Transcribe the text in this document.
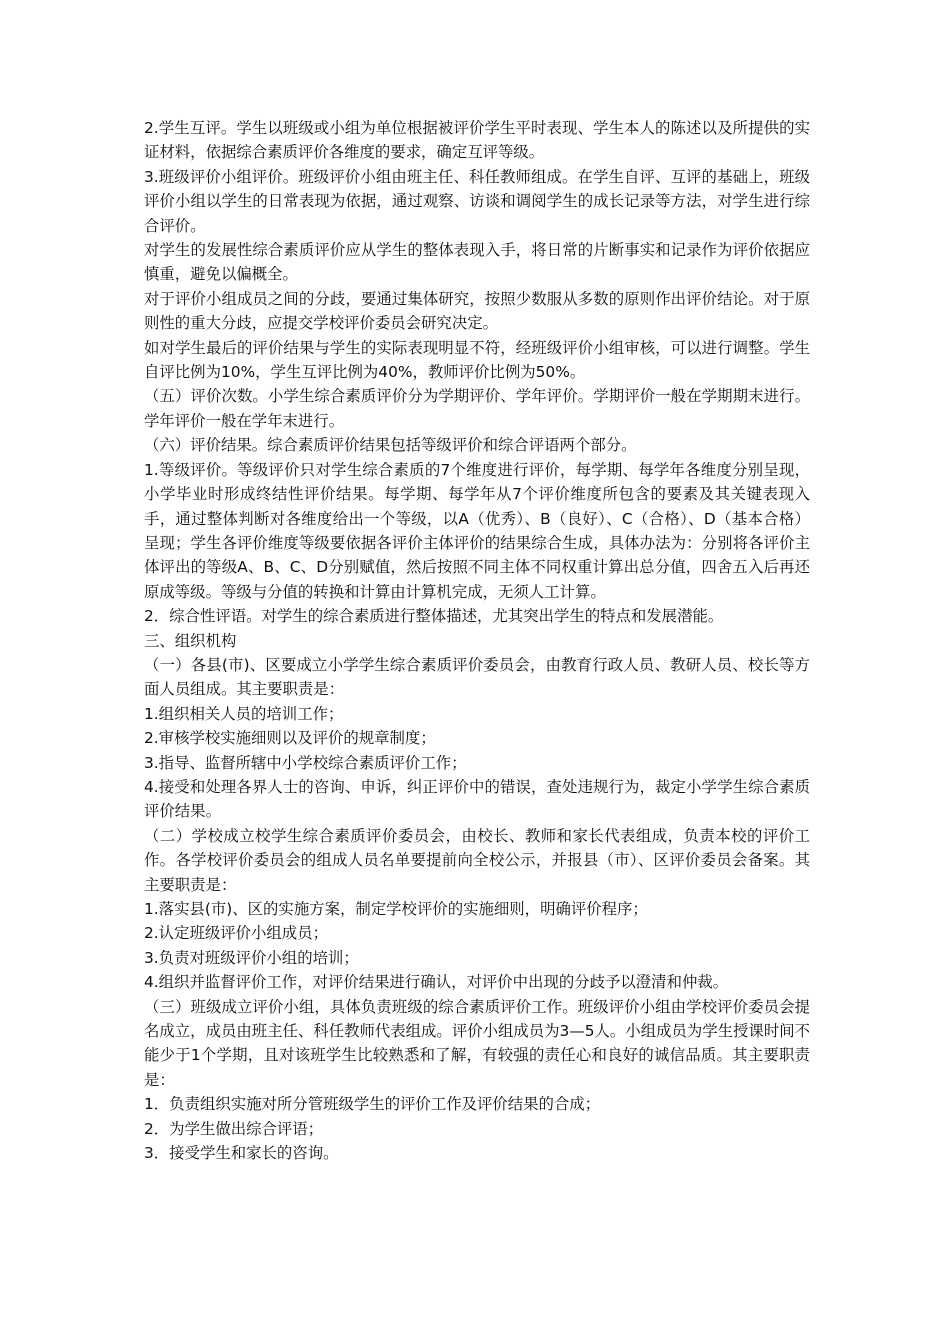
2.学生互评。学生以班级或小组为单位根据被评价学生平时表现、学生本人的陈述以及所提供的实证材料，依据综合素质评价各维度的要求，确定互评等级。

3.班级评价小组评价。班级评价小组由班主任、科任教师组成。在学生自评、互评的基础上，班级评价小组以学生的日常表现为依据，通过观察、访谈和调阅学生的成长记录等方法，对学生进行综合评价。

对学生的发展性综合素质评价应从学生的整体表现入手，将日常的片断事实和记录作为评价依据应慎重，避免以偏概全。

对于评价小组成员之间的分歧，要通过集体研究，按照少数服从多数的原则作出评价结论。对于原则性的重大分歧，应提交学校评价委员会研究决定。

如对学生最后的评价结果与学生的实际表现明显不符，经班级评价小组审核，可以进行调整。学生自评比例为10%，学生互评比例为40%，教师评价比例为50%。

（五）评价次数。小学生综合素质评价分为学期评价、学年评价。学期评价一般在学期期末进行。学年评价一般在学年末进行。

（六）评价结果。综合素质评价结果包括等级评价和综合评语两个部分。

1.等级评价。等级评价只对学生综合素质的7个维度进行评价，每学期、每学年各维度分别呈现，小学毕业时形成终结性评价结果。每学期、每学年从7个评价维度所包含的要素及其关键表现入手，通过整体判断对各维度给出一个等级，以A（优秀）、B（良好）、C（合格）、D（基本合格）呈现；学生各评价维度等级要依据各评价主体评价的结果综合生成，具体办法为：分别将各评价主体评出的等级A、B、C、D分别赋值，然后按照不同主体不同权重计算出总分值，四舍五入后再还原成等级。等级与分值的转换和计算由计算机完成，无须人工计算。

2．综合性评语。对学生的综合素质进行整体描述，尤其突出学生的特点和发展潜能。

三、组织机构

（一）各县(市)、区要成立小学学生综合素质评价委员会，由教育行政人员、教研人员、校长等方面人员组成。其主要职责是：

1.组织相关人员的培训工作；

2.审核学校实施细则以及评价的规章制度；

3.指导、监督所辖中小学校综合素质评价工作；

4.接受和处理各界人士的咨询、申诉，纠正评价中的错误，查处违规行为，裁定小学学生综合素质评价结果。

（二）学校成立校学生综合素质评价委员会，由校长、教师和家长代表组成，负责本校的评价工作。各学校评价委员会的组成人员名单要提前向全校公示，并报县（市）、区评价委员会备案。其主要职责是：

1.落实县(市)、区的实施方案，制定学校评价的实施细则，明确评价程序；

2.认定班级评价小组成员；

3.负责对班级评价小组的培训；

4.组织并监督评价工作，对评价结果进行确认，对评价中出现的分歧予以澄清和仲裁。

（三）班级成立评价小组，具体负责班级的综合素质评价工作。班级评价小组由学校评价委员会提名成立，成员由班主任、科任教师代表组成。评价小组成员为3—5人。小组成员为学生授课时间不能少于1个学期，且对该班学生比较熟悉和了解，有较强的责任心和良好的诚信品质。其主要职责是：

1．负责组织实施对所分管班级学生的评价工作及评价结果的合成；

2．为学生做出综合评语；

3．接受学生和家长的咨询。
